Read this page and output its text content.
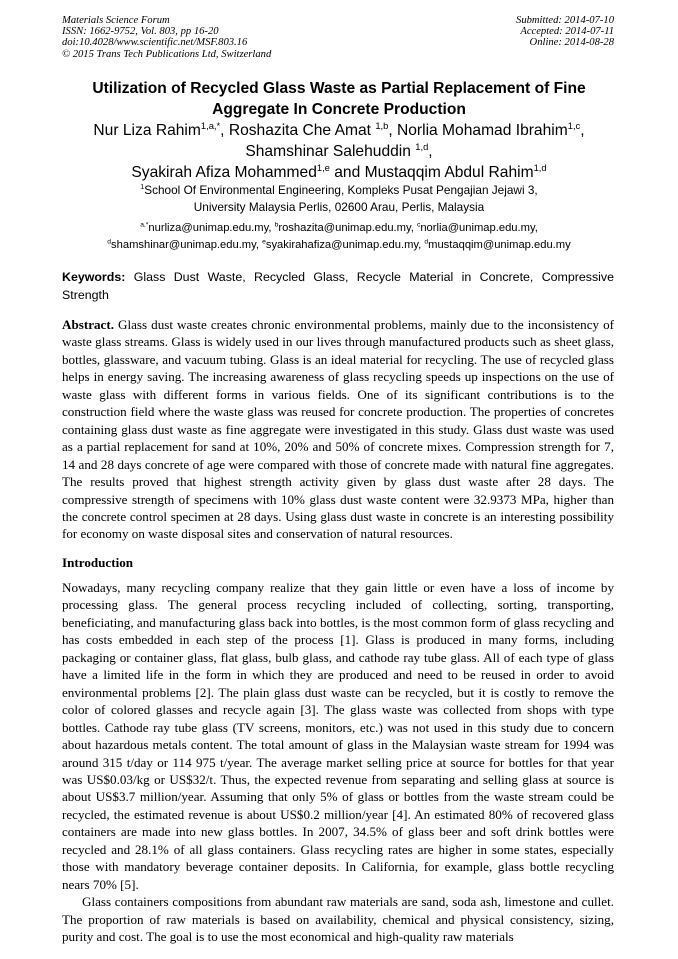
Materials Science Forum
ISSN: 1662-9752, Vol. 803, pp 16-20
doi:10.4028/www.scientific.net/MSF.803.16
© 2015 Trans Tech Publications Ltd, Switzerland
Submitted: 2014-07-10
Accepted: 2014-07-11
Online: 2014-08-28
Utilization of Recycled Glass Waste as Partial Replacement of Fine
Aggregate In Concrete Production
Nur Liza Rahim$^{1,a,*}$, Roshazita Che Amat $^{1,b}$, Norlia Mohamad Ibrahim$^{1,c}$,
Shamshinar Salehuddin $^{1,d}$,
Syakirah Afiza Mohammed$^{1,e}$ and Mustaqqim Abdul Rahim$^{1,d}$
$^1$School Of Environmental Engineering, Kompleks Pusat Pengajian Jejawi 3,
University Malaysia Perlis, 02600 Arau, Perlis, Malaysia
$^{a,*}$nurliza@unimap.edu.my, $^b$roshazita@unimap.edu.my, $^c$norlia@unimap.edu.my,
$^d$shamshinar@unimap.edu.my, $^e$syakirahafiza@unimap.edu.my, $^d$mustaqqim@unimap.edu.my
Keywords: Glass Dust Waste, Recycled Glass, Recycle Material in Concrete, Compressive Strength
Abstract. Glass dust waste creates chronic environmental problems, mainly due to the inconsistency of waste glass streams. Glass is widely used in our lives through manufactured products such as sheet glass, bottles, glassware, and vacuum tubing. Glass is an ideal material for recycling. The use of recycled glass helps in energy saving. The increasing awareness of glass recycling speeds up inspections on the use of waste glass with different forms in various fields. One of its significant contributions is to the construction field where the waste glass was reused for concrete production. The properties of concretes containing glass dust waste as fine aggregate were investigated in this study. Glass dust waste was used as a partial replacement for sand at 10%, 20% and 50% of concrete mixes. Compression strength for 7, 14 and 28 days concrete of age were compared with those of concrete made with natural fine aggregates. The results proved that highest strength activity given by glass dust waste after 28 days. The compressive strength of specimens with 10% glass dust waste content were 32.9373 MPa, higher than the concrete control specimen at 28 days. Using glass dust waste in concrete is an interesting possibility for economy on waste disposal sites and conservation of natural resources.
Introduction

Nowadays, many recycling company realize that they gain little or even have a loss of income by processing glass. The general process recycling included of collecting, sorting, transporting, beneficiating, and manufacturing glass back into bottles, is the most common form of glass recycling and has costs embedded in each step of the process [1]. Glass is produced in many forms, including packaging or container glass, flat glass, bulb glass, and cathode ray tube glass. All of each type of glass have a limited life in the form in which they are produced and need to be reused in order to avoid environmental problems [2]. The plain glass dust waste can be recycled, but it is costly to remove the color of colored glasses and recycle again [3]. The glass waste was collected from shops with type bottles. Cathode ray tube glass (TV screens, monitors, etc.) was not used in this study due to concern about hazardous metals content. The total amount of glass in the Malaysian waste stream for 1994 was around 315 t/day or 114 975 t/year. The average market selling price at source for bottles for that year was US$0.03/kg or US$32/t. Thus, the expected revenue from separating and selling glass at source is about US$3.7 million/year. Assuming that only 5% of glass or bottles from the waste stream could be recycled, the estimated revenue is about US$0.2 million/year [4]. An estimated 80% of recovered glass containers are made into new glass bottles. In 2007, 34.5% of glass beer and soft drink bottles were recycled and 28.1% of all glass containers. Glass recycling rates are higher in some states, especially those with mandatory beverage container deposits. In California, for example, glass bottle recycling nears 70% [5].

Glass containers compositions from abundant raw materials are sand, soda ash, limestone and cullet. The proportion of raw materials is based on availability, chemical and physical consistency, sizing, purity and cost. The goal is to use the most economical and high-quality raw materials
